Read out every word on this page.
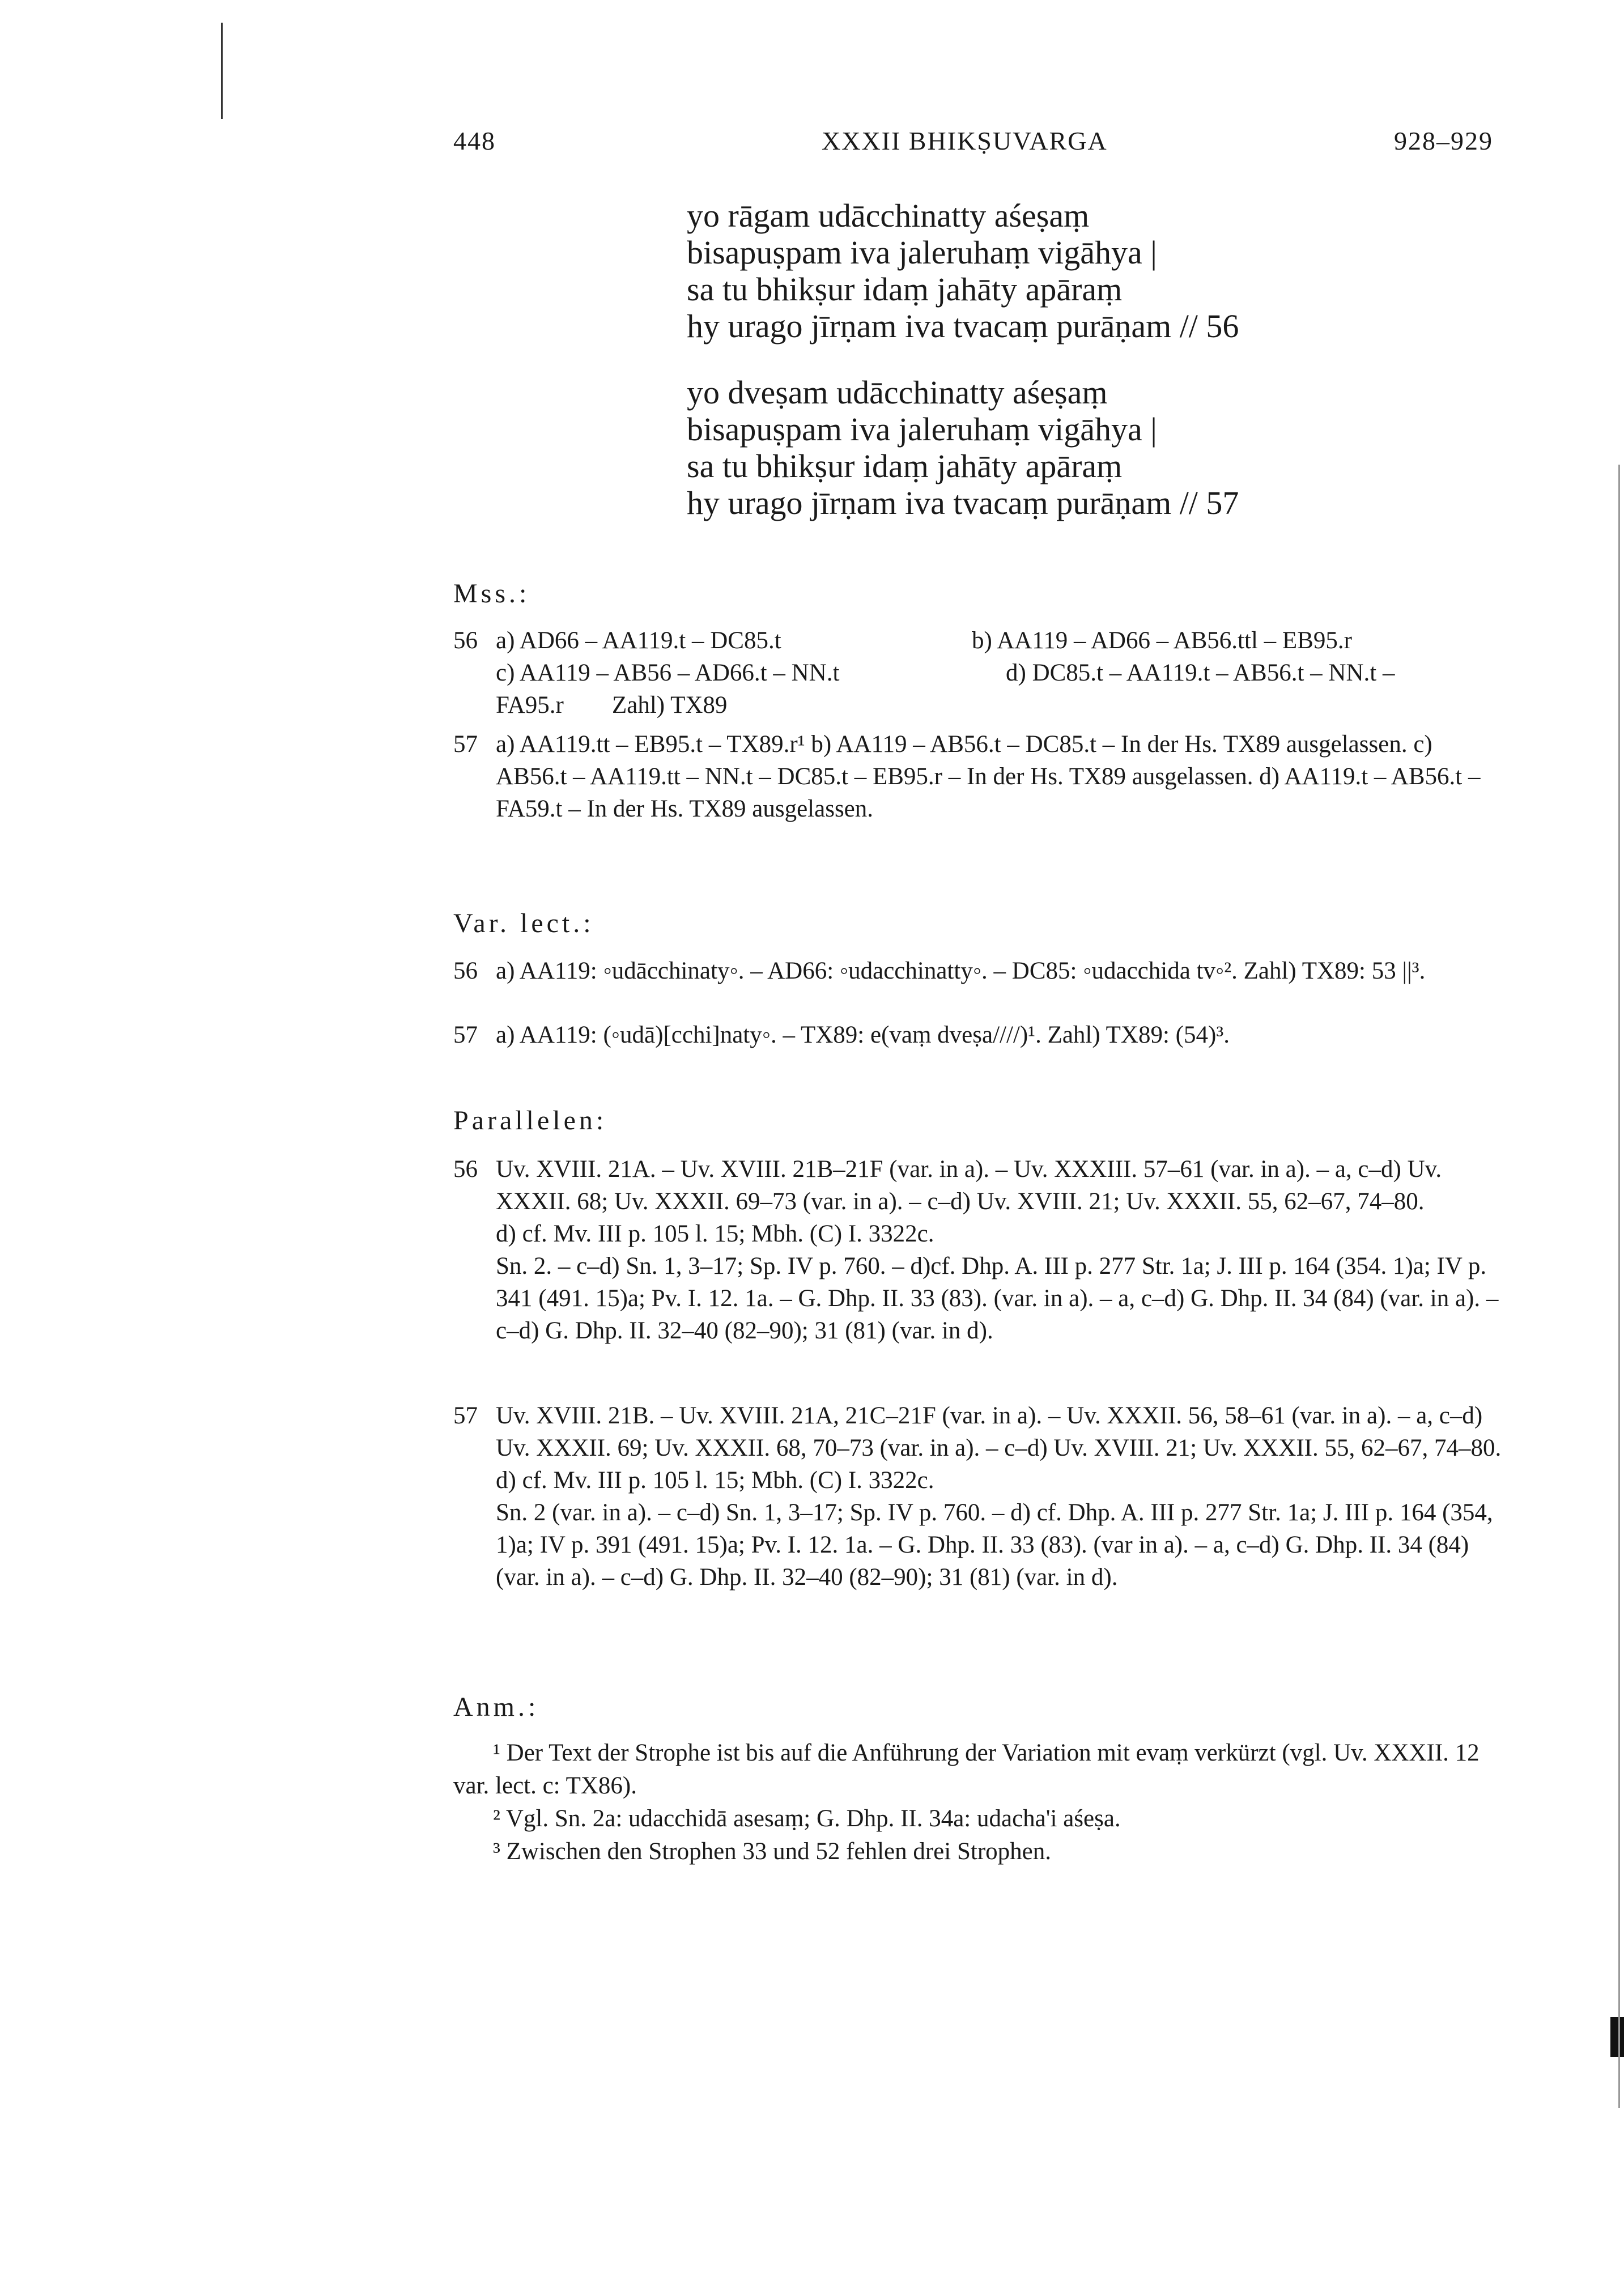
448	XXXII BHIKṢUVARGA	928–929
yo rāgam udācchinatty aśeṣaṃ
bisapuṣpam iva jaleruhaṃ vigāhya |
sa tu bhikṣur idaṃ jahāty apāraṃ
hy urago jīrṇam iva tvacaṃ purāṇam // 56
yo dveṣam udācchinatty aśeṣaṃ
bisapuṣpam iva jaleruhaṃ vigāhya |
sa tu bhikṣur idaṃ jahāty apāraṃ
hy urago jīrṇam iva tvacaṃ purāṇam // 57
Mss.:
56 a) AD66 – AA119.t – DC85.t	b) AA119 – AD66 – AB56.ttl – EB95.r
c) AA119 – AB56 – AD66.t – NN.t	d) DC85.t – AA119.t – AB56.t – NN.t –
FA95.r Zahl) TX89
57 a) AA119.tt – EB95.t – TX89.r¹ b) AA119 – AB56.t – DC85.t – In der Hs. TX89 ausgelassen. c) AB56.t – AA119.tt – NN.t – DC85.t – EB95.r – In der Hs. TX89 ausgelassen. d) AA119.t – AB56.t – FA59.t – In der Hs. TX89 ausgelassen.
Var. lect.:
56 a) AA119: ◦udācchinaty◦. – AD66: ◦udacchinatty◦. – DC85: ◦udacchida tv◦². Zahl) TX89: 53 ||³.
57 a) AA119: (◦udā)[cchi]naty◦. – TX89: e(vaṃ dveṣa////)¹. Zahl) TX89: (54)³.
Parallelen:
56 Uv. XVIII. 21A. – Uv. XVIII. 21B–21F (var. in a). – Uv. XXXIII. 57–61 (var. in a). – a, c–d) Uv. XXXII. 68; Uv. XXXII. 69–73 (var. in a). – c–d) Uv. XVIII. 21; Uv. XXXII. 55, 62–67, 74–80.
d) cf. Mv. III p. 105 l. 15; Mbh. (C) I. 3322c.
Sn. 2. – c–d) Sn. 1, 3–17; Sp. IV p. 760. – d)cf. Dhp. A. III p. 277 Str. 1a; J. III p. 164 (354. 1)a; IV p. 341 (491. 15)a; Pv. I. 12. 1a. – G. Dhp. II. 33 (83). (var. in a). – a, c–d) G. Dhp. II. 34 (84) (var. in a). – c–d) G. Dhp. II. 32–40 (82–90); 31 (81) (var. in d).
57 Uv. XVIII. 21B. – Uv. XVIII. 21A, 21C–21F (var. in a). – Uv. XXXII. 56, 58–61 (var. in a). – a, c–d) Uv. XXXII. 69; Uv. XXXII. 68, 70–73 (var. in a). – c–d) Uv. XVIII. 21; Uv. XXXII. 55, 62–67, 74–80.
d) cf. Mv. III p. 105 l. 15; Mbh. (C) I. 3322c.
Sn. 2 (var. in a). – c–d) Sn. 1, 3–17; Sp. IV p. 760. – d) cf. Dhp. A. III p. 277 Str. 1a; J. III p. 164 (354, 1)a; IV p. 391 (491. 15)a; Pv. I. 12. 1a. – G. Dhp. II. 33 (83). (var in a). – a, c–d) G. Dhp. II. 34 (84) (var. in a). – c–d) G. Dhp. II. 32–40 (82–90); 31 (81) (var. in d).
Anm.:
¹ Der Text der Strophe ist bis auf die Anführung der Variation mit evaṃ verkürzt (vgl. Uv. XXXII. 12 var. lect. c: TX86).
² Vgl. Sn. 2a: udacchidā asesaṃ; G. Dhp. II. 34a: udacha'i aśeṣa.
³ Zwischen den Strophen 33 und 52 fehlen drei Strophen.
